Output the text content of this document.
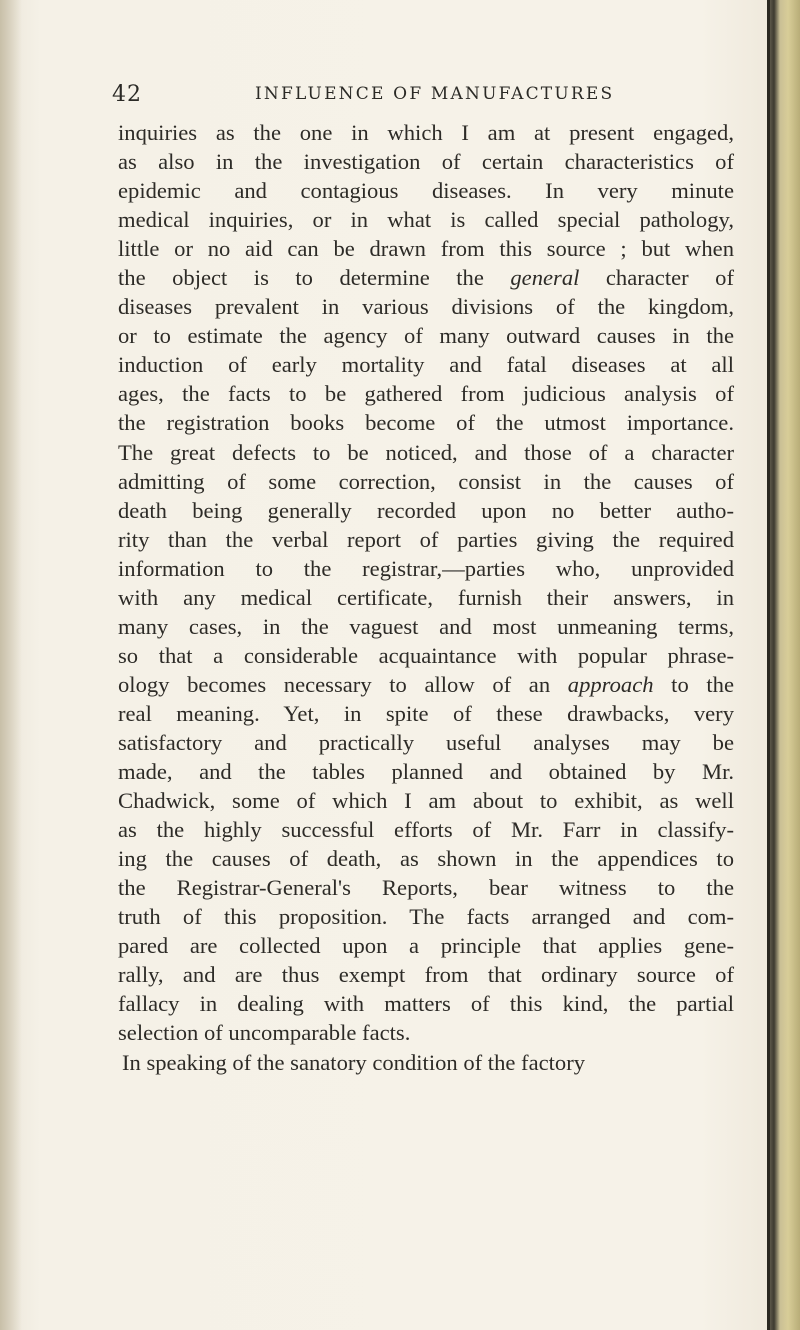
42	INFLUENCE OF MANUFACTURES
inquiries as the one in which I am at present engaged,
as also in the investigation of certain characteristics of
epidemic and contagious diseases. In very minute
medical inquiries, or in what is called special pathology,
little or no aid can be drawn from this source ; but when
the object is to determine the general character of
diseases prevalent in various divisions of the kingdom,
or to estimate the agency of many outward causes in the
induction of early mortality and fatal diseases at all
ages, the facts to be gathered from judicious analysis of
the registration books become of the utmost importance.
The great defects to be noticed, and those of a character
admitting of some correction, consist in the causes of
death being generally recorded upon no better autho-
rity than the verbal report of parties giving the required
information to the registrar,—parties who, unprovided
with any medical certificate, furnish their answers, in
many cases, in the vaguest and most unmeaning terms,
so that a considerable acquaintance with popular phrase-
ology becomes necessary to allow of an approach to the
real meaning. Yet, in spite of these drawbacks, very
satisfactory and practically useful analyses may be
made, and the tables planned and obtained by Mr.
Chadwick, some of which I am about to exhibit, as well
as the highly successful efforts of Mr. Farr in classify-
ing the causes of death, as shown in the appendices to
the Registrar-General's Reports, bear witness to the
truth of this proposition. The facts arranged and com-
pared are collected upon a principle that applies gene-
rally, and are thus exempt from that ordinary source of
fallacy in dealing with matters of this kind, the partial
selection of uncomparable facts.
In speaking of the sanatory condition of the factory
